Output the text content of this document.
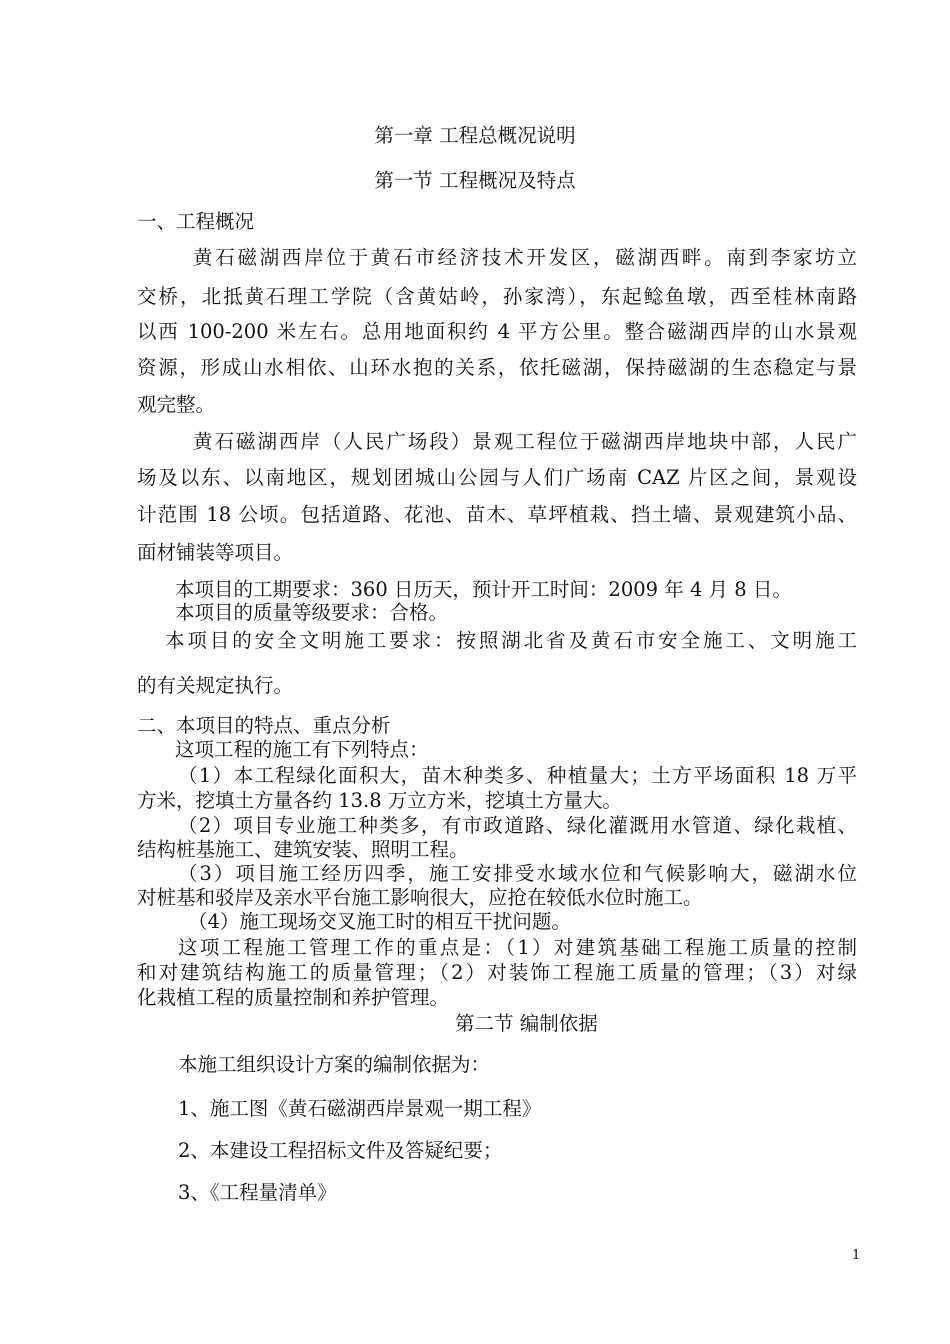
第一章 工程总概况说明

第一节 工程概况及特点

一、工程概况

黄石磁湖西岸位于黄石市经济技术开发区，磁湖西畔。南到李家坊立

交桥，北抵黄石理工学院（含黄姑岭，孙家湾），东起鲶鱼墩，西至桂林南路

以西 100-200 米左右。总用地面积约 4 平方公里。整合磁湖西岸的山水景观

资源，形成山水相依、山环水抱的关系，依托磁湖，保持磁湖的生态稳定与景

观完整。

黄石磁湖西岸（人民广场段）景观工程位于磁湖西岸地块中部，人民广

场及以东、以南地区，规划团城山公园与人们广场南 CAZ 片区之间，景观设

计范围 18 公顷。包括道路、花池、苗木、草坪植栽、挡土墙、景观建筑小品、

面材铺装等项目。

本项目的工期要求：360 日历天，预计开工时间：2009 年 4 月 8 日。

本项目的质量等级要求：合格。

本项目的安全文明施工要求：按照湖北省及黄石市安全施工、文明施工

的有关规定执行。

二、本项目的特点、重点分析

这项工程的施工有下列特点：

（1）本工程绿化面积大，苗木种类多、种植量大；土方平场面积 18 万平

方米，挖填土方量各约 13.8 万立方米，挖填土方量大。

（2）项目专业施工种类多，有市政道路、绿化灌溉用水管道、绿化栽植、

结构桩基施工、建筑安装、照明工程。

（3）项目施工经历四季，施工安排受水域水位和气候影响大，磁湖水位

对桩基和驳岸及亲水平台施工影响很大，应抢在较低水位时施工。

（4）施工现场交叉施工时的相互干扰问题。

这项工程施工管理工作的重点是：（1）对建筑基础工程施工质量的控制

和对建筑结构施工的质量管理；（2）对装饰工程施工质量的管理；（3）对绿

化栽植工程的质量控制和养护管理。

第二节 编制依据

本施工组织设计方案的编制依据为：

1、施工图《黄石磁湖西岸景观一期工程》

2、本建设工程招标文件及答疑纪要；

3、《工程量清单》

1
